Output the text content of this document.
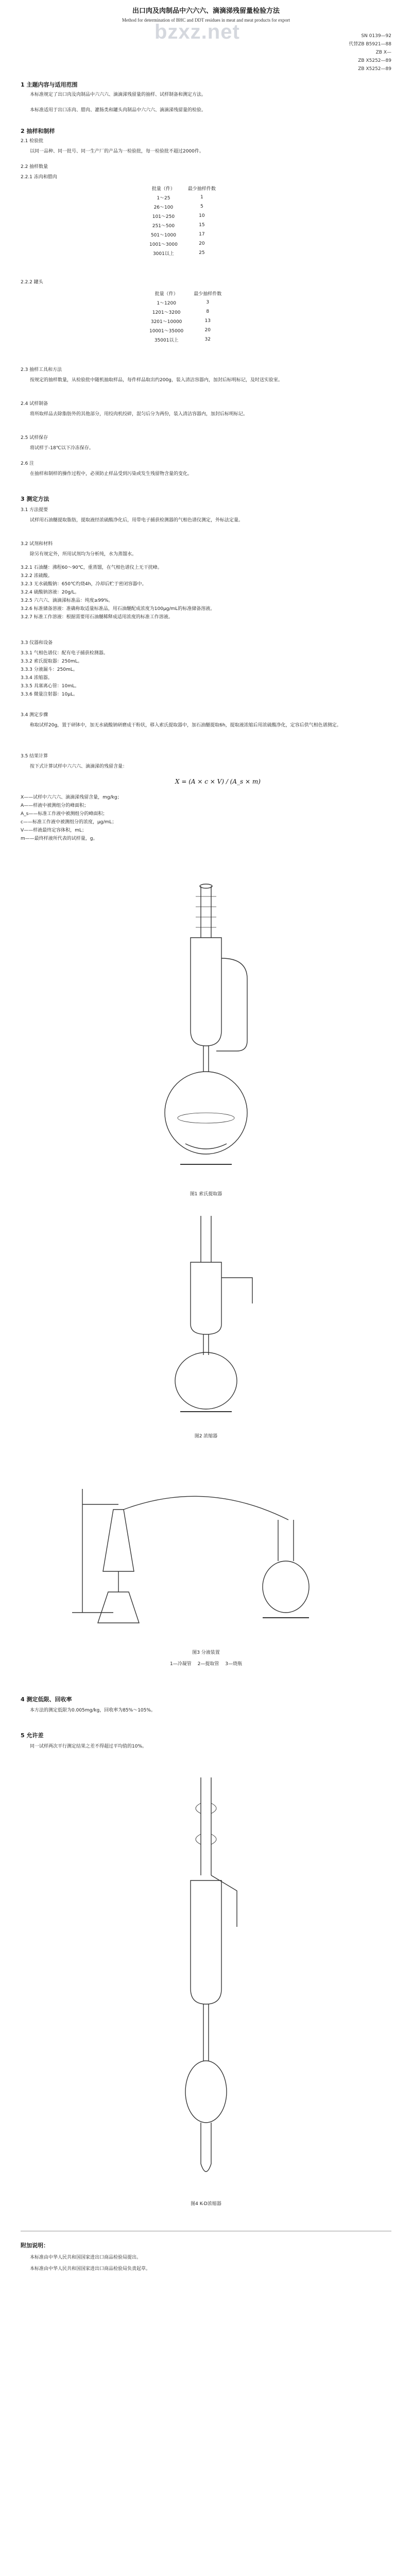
bzxz.net
出口肉及肉制品中六六六、滴滴涕残留量检验方法
Method for determination of BHC and DDT residues in meat and meat products for export
SN 0139—92
代替ZB B5921—88
ZB X—
ZB X5252—89
ZB X5252—89
1 主题内容与适用范围
本标准规定了出口肉及肉制品中六六六、滴滴涕残留量的抽样、试样制备和测定方法。
本标准适用于出口冻肉、腊肉、灌肠类和罐头肉制品中六六六、滴滴涕残留量的检验。
2 抽样和制样
2.1 检验批
以同一品种、同一批号、同一生产厂的产品为一检验批，每一检验批不超过2000件。
2.2 抽样数量
2.2.1 冻肉和腊肉
批量（件）	最少抽样件数
1～25	1
26～100	5
101～250	10
251～500	15
501～1000	17
1001～3000	20
3001以上	25
2.2.2 罐头
批量（件）	最少抽样件数
1～1200	3
1201～3200	8
3201～10000	13
10001～35000	20
35001以上	32
2.3 抽样工具和方法
按规定的抽样数量，从检验批中随机抽取样品，每件样品取出约200g，装入清洁容器内，加封后标明标记，及时送实验室。
2.4 试样制备
将所取样品去除脂肪外的其他部分，用绞肉机绞碎，混匀后分为两份，装入清洁容器内，加封后标明标记。
2.5 试样保存
将试样于-18℃以下冷冻保存。
2.6 注
在抽样和制样的操作过程中，必须防止样品受到污染或发生残留物含量的变化。
3 测定方法
3.1 方法提要
试样用石油醚提取脂肪，提取液经浓硫酸净化后，用带电子捕获检测器的气相色谱仪测定，外标法定量。
3.2 试剂和材料
除另有规定外，所用试剂均为分析纯，水为蒸馏水。
3.2.1 石油醚：沸程60～90℃，重蒸馏，在气相色谱仪上无干扰峰。
3.2.2 浓硫酸。
3.2.3 无水硫酸钠：650℃灼烧4h，冷却后贮于密闭容器中。
3.2.4 硫酸钠溶液：20g/L。
3.2.5 六六六、滴滴涕标准品：纯度≥99%。
3.2.6 标准储备溶液：准确称取适量标准品，用石油醚配成浓度为100μg/mL的标准储备溶液。
3.2.7 标准工作溶液：根据需要用石油醚稀释成适用浓度的标准工作溶液。
3.3 仪器和设备
3.3.1 气相色谱仪：配有电子捕获检测器。
3.3.2 索氏提取器：250mL。
3.3.3 分液漏斗：250mL。
3.3.4 浓缩器。
3.3.5 具塞离心管：10mL。
3.3.6 微量注射器：10μL。
3.4 测定步骤
称取试样20g，置于研钵中，加无水硫酸钠研磨成干粉状，移入索氏提取器中，加石油醚提取6h，提取液浓缩后用浓硫酸净化，定容后供气相色谱测定。
3.5 结果计算
按下式计算试样中六六六、滴滴涕的残留含量：
X = (A × c × V) / (A_s × m)
X——试样中六六六、滴滴涕残留含量，mg/kg；
A——样液中被测组分的峰面积；
A_s——标准工作液中被测组分的峰面积；
c——标准工作液中被测组分的浓度，μg/mL；
V——样液最终定容体积，mL；
m——最终样液所代表的试样量，g。
图1 索氏提取器
图2 浓缩器
图3 分液装置
1—冷凝管　 2—提取管　 3—烧瓶
4 测定低限、回收率
本方法的测定低限为0.005mg/kg，回收率为85%～105%。
5 允许差
同一试样两次平行测定结果之差不得超过平均值的10%。
图4 K-D浓缩器
附加说明：
本标准由中华人民共和国国家进出口商品检验局提出。
本标准由中华人民共和国国家进出口商品检验局负责起草。
